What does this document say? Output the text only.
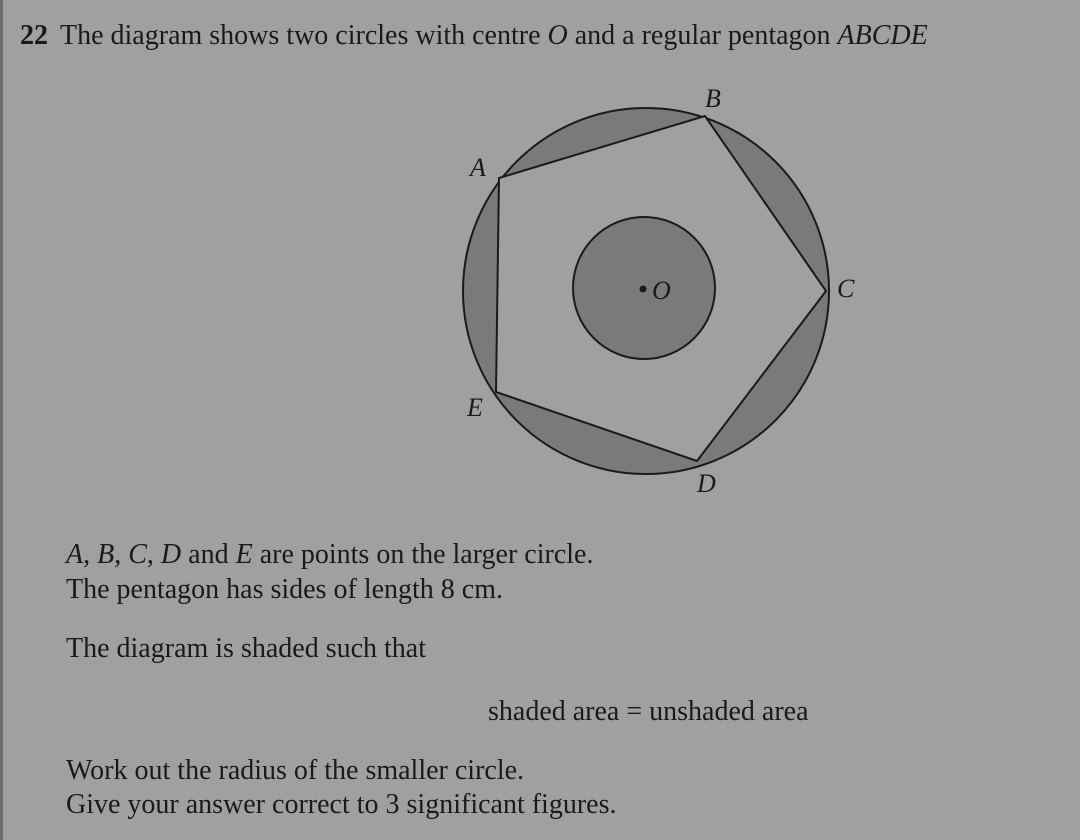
22 The diagram shows two circles with centre O and a regular pentagon ABCDE
O
A
B
C
D
E
A, B, C, D and E are points on the larger circle.
The pentagon has sides of length 8 cm.
The diagram is shaded such that
shaded area = unshaded area
Work out the radius of the smaller circle.
Give your answer correct to 3 significant figures.
